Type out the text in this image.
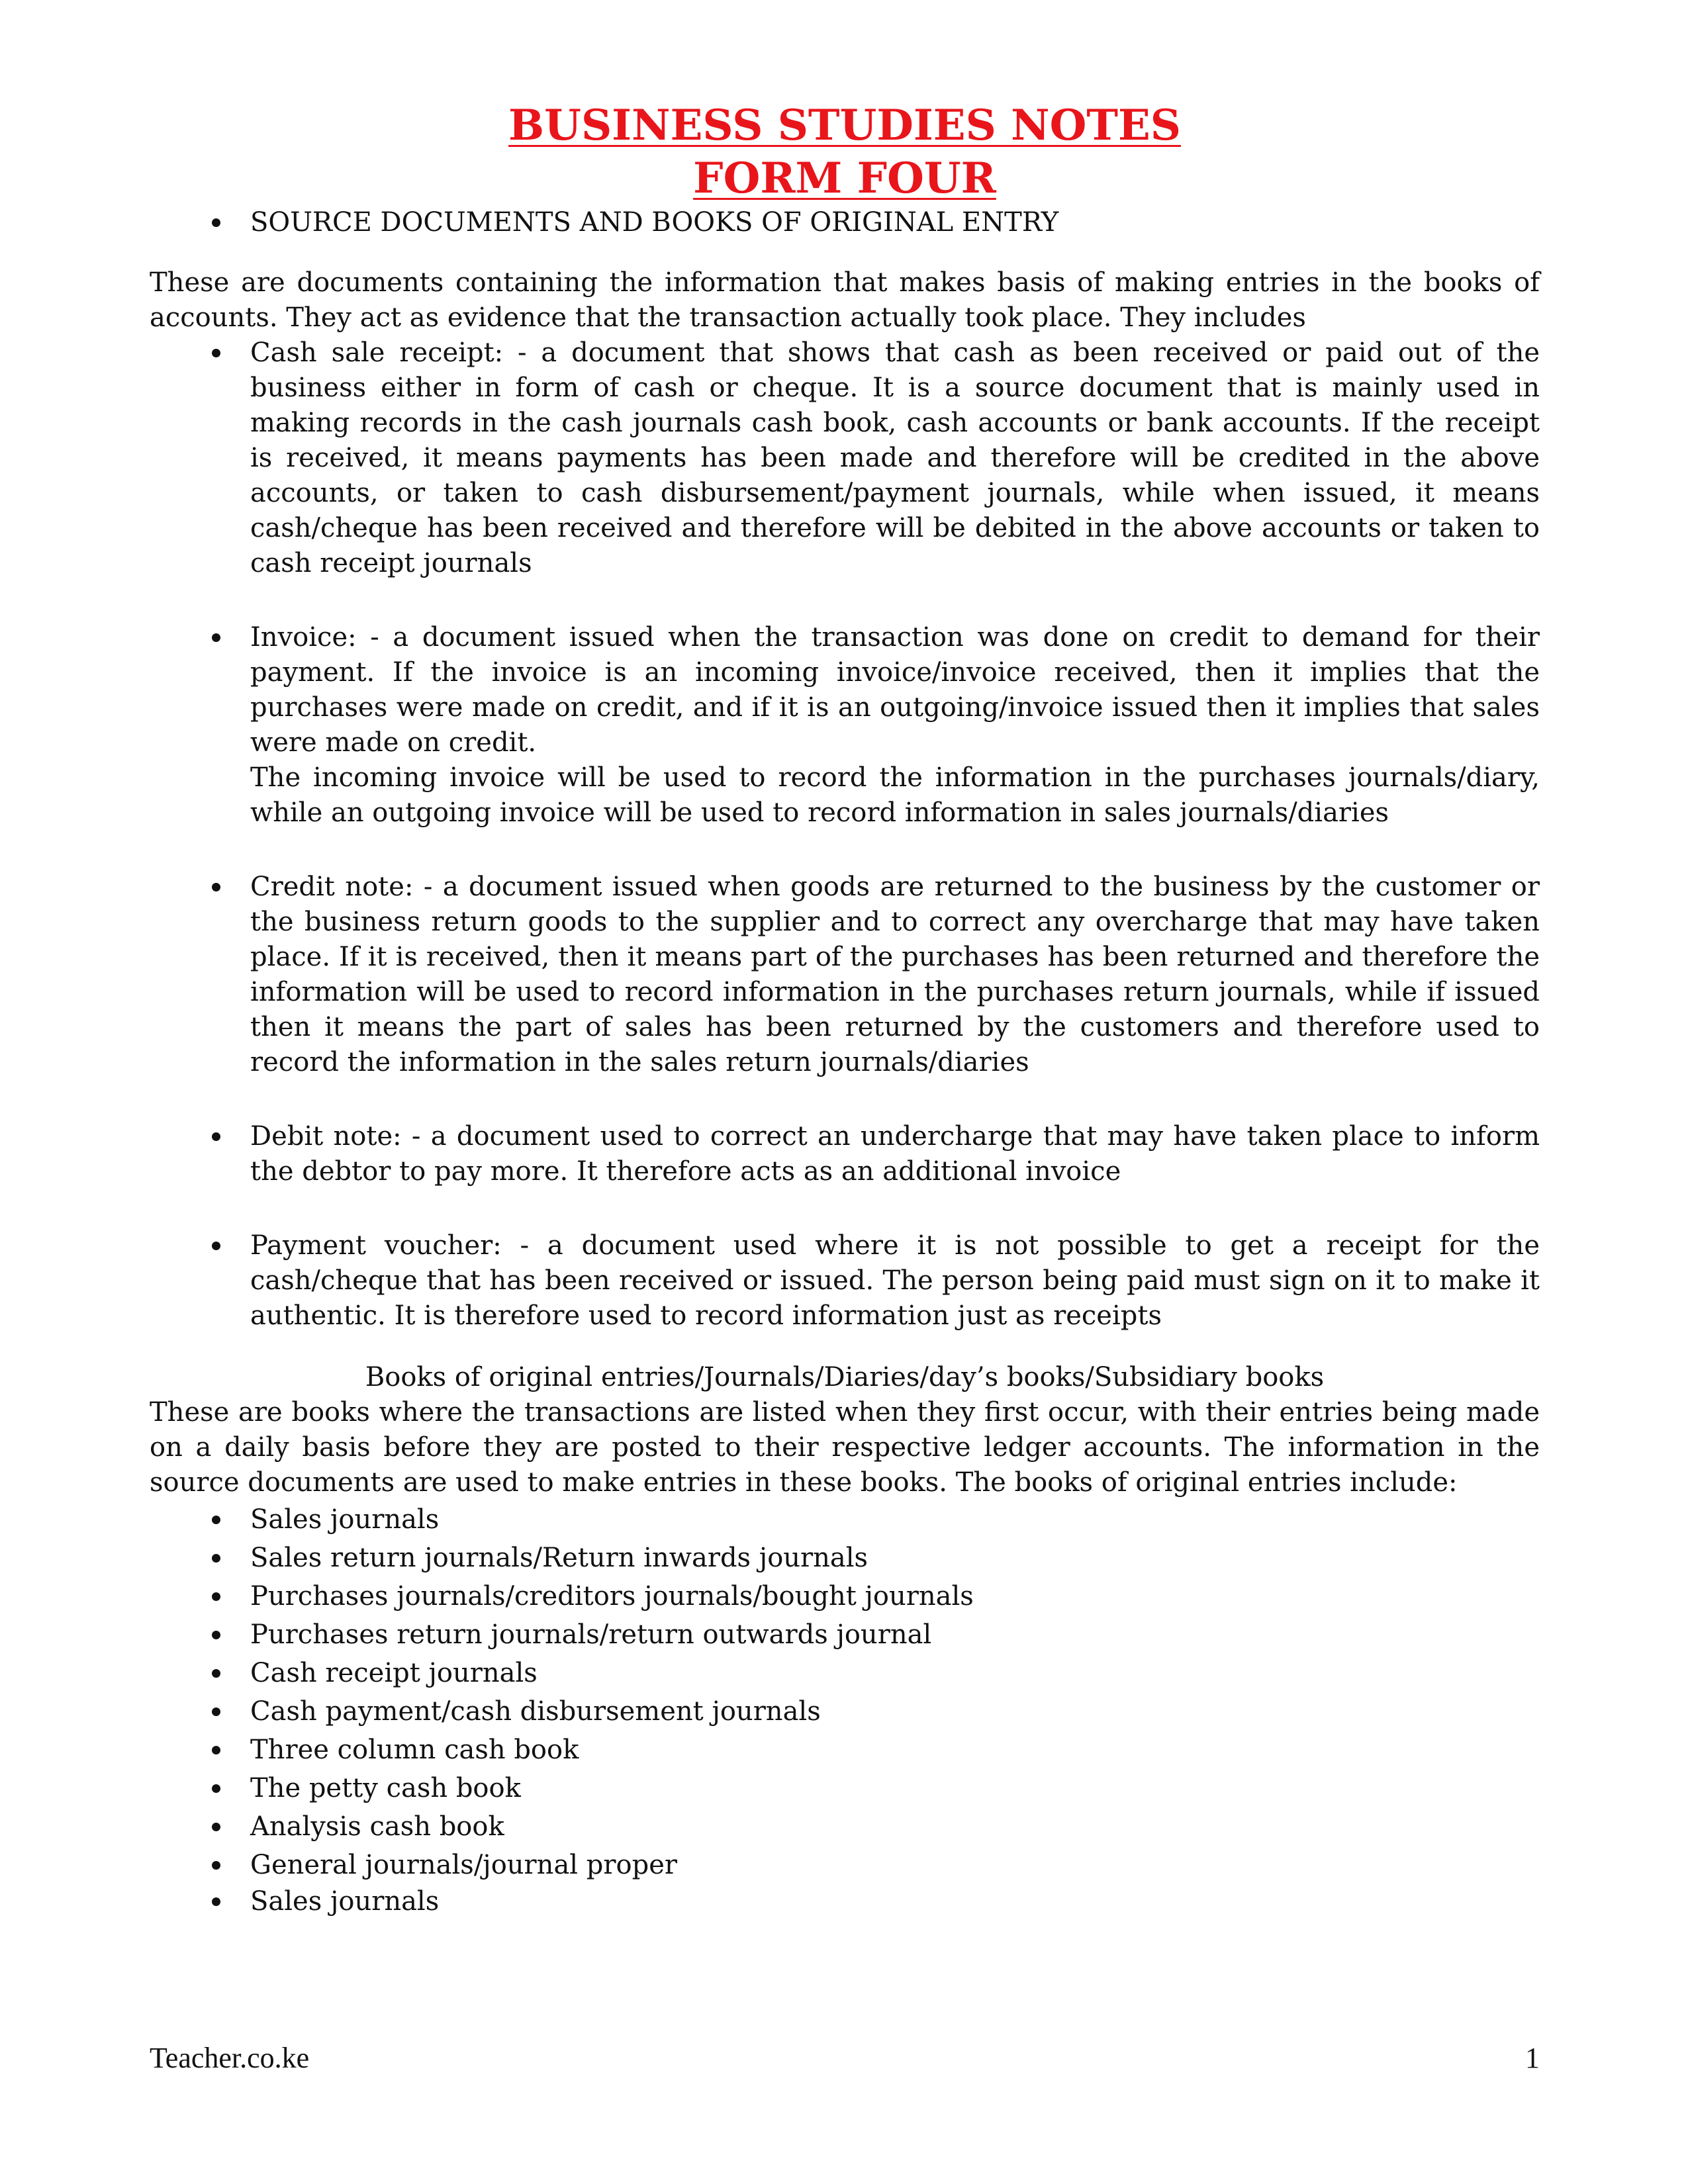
BUSINESS STUDIES NOTES
FORM FOUR
SOURCE DOCUMENTS AND BOOKS OF ORIGINAL ENTRY

These are documents containing the information that makes basis of making entries in the books of accounts. They act as evidence that the transaction actually took place. They includes

Cash sale receipt: - a document that shows that cash as been received or paid out of the business either in form of cash or cheque. It is a source document that is mainly used in making records in the cash journals cash book, cash accounts or bank accounts. If the receipt is received, it means payments has been made and therefore will be credited in the above accounts, or taken to cash disbursement/payment journals, while when issued, it means cash/cheque has been received and therefore will be debited in the above accounts or taken to cash receipt journals
Invoice: - a document issued when the transaction was done on credit to demand for their payment. If the invoice is an incoming invoice/invoice received, then it implies that the purchases were made on credit, and if it is an outgoing/invoice issued then it implies that sales were made on credit.
The incoming invoice will be used to record the information in the purchases journals/diary, while an outgoing invoice will be used to record information in sales journals/diaries
Credit note: - a document issued when goods are returned to the business by the customer or the business return goods to the supplier and to correct any overcharge that may have taken place. If it is received, then it means part of the purchases has been returned and therefore the information will be used to record information in the purchases return journals, while if issued then it means the part of sales has been returned by the customers and therefore used to record the information in the sales return journals/diaries
Debit note: - a document used to correct an undercharge that may have taken place to inform the debtor to pay more. It therefore acts as an additional invoice
Payment voucher: - a document used where it is not possible to get a receipt for the cash/cheque that has been received or issued. The person being paid must sign on it to make it authentic. It is therefore used to record information just as receipts

Books of original entries/Journals/Diaries/day’s books/Subsidiary books

These are books where the transactions are listed when they first occur, with their entries being made on a daily basis before they are posted to their respective ledger accounts. The information in the source documents are used to make entries in these books. The books of original entries include:

Sales journals
Sales return journals/Return inwards journals
Purchases journals/creditors journals/bought journals
Purchases return journals/return outwards journal
Cash receipt journals
Cash payment/cash disbursement journals
Three column cash book
The petty cash book
Analysis cash book
General journals/journal proper
Sales journals
Teacher.co.ke	1
